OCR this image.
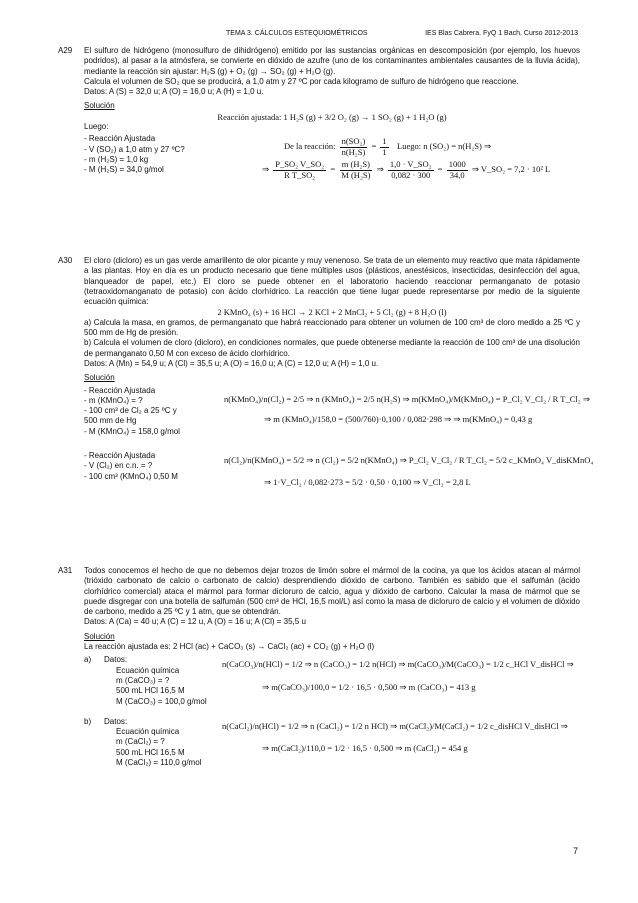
TEMA 3. CÁLCULOS ESTEQUIOMÉTRICOS	IES Blas Cabrera. FyQ 1 Bach. Curso 2012-2013
A29 El sulfuro de hidrógeno (monosulfuro de dihidrógeno) emitido por las sustancias orgánicas en descomposición (por ejemplo, los huevos podridos), al pasar a la atmósfera, se convierte en dióxido de azufre (uno de los contaminantes ambientales causantes de la lluvia ácida), mediante la reacción sin ajustar: H₂S (g) + O₂ (g) → SO₂ (g) + H₂O (g).

Calcula el volumen de SO₂ que se producirá, a 1,0 atm y 27 ºC por cada kilogramo de sulfuro de hidrógeno que reaccione.

Datos: A (S) = 32,0 u; A (O) = 16,0 u; A (H) = 1,0 u.

Solución
Reacción ajustada: 1 H₂S (g) + 3/2 O₂ (g) → 1 SO₂ (g) + 1 H₂O (g)
Luego:
- Reacción Ajustada
- V (SO₂) a 1,0 atm y 27 ºC?
- m (H₂S) = 1,0 kg
- M (H₂S) = 34,0 g/mol
De la reacción: $\frac{\text{n(SO₂)}}{\text{n(H₂S)}} = \frac{1}{1}$ Luego: n (SO₂) = n(H₂S) ⇒
⇒ $\frac{\text{P\_SO₂ V\_SO₂}}{\text{R T\_SO₂}} = \frac{\text{m (H₂S)}}{\text{M (H₂S)}}$ ⇒ $\frac{\text{1,0 · V\_SO₂}}{0,082 \cdot 300} = \frac{1000}{34,0}$ ⇒ V_SO₂ = 7,2 · 10² L
A30 El cloro (dicloro) es un gas verde amarillento de olor picante y muy venenoso. Se trata de un elemento muy reactivo que mata rápidamente a las plantas. Hoy en día es un producto necesario que tiene múltiples usos (plásticos, anestésicos, insecticidas, desinfección del agua, blanqueador de papel, etc.) El cloro se puede obtener en el laboratorio haciendo reaccionar permanganato de potasio (tetraoxidomanganato de potasio) con ácido clorhídrico. La reacción que tiene lugar puede representarse por medio de la siguiente ecuación química:

2 KMnO₄ (s) + 16 HCl → 2 KCl + 2 MnCl₂ + 5 Cl₂ (g) + 8 H₂O (l)

a) Calcula la masa, en gramos, de permanganato que habrá reaccionado para obtener un volumen de 100 cm³ de cloro medido a 25 ºC y 500 mm de Hg de presión.

b) Calcula el volumen de cloro (dicloro), en condiciones normales, que puede obtenerse mediante la reacción de 100 cm³ de una disolución de permanganato 0,50 M con exceso de ácido clorhídrico.

Datos: A (Mn) = 54,9 u; A (Cl) = 35,5 u; A (O) = 16,0 u; A (C) = 12,0 u; A (H) = 1,0 u.

Solución
- Reacción Ajustada
- m (KMnO₄) = ?
- 100 cm³ de Cl₂ a 25 ºC y
500 mm de Hg
- M (KMnO₄) = 158,0 g/mol
n(KMnO₄)/n(Cl₂) = 2/5 ⇒ n (KMnO₄) = 2/5 n(H₂S) ⇒ m(KMnO₄)/M(KMnO₄) = P_Cl₂ V_Cl₂ / R T_Cl₂ ⇒
⇒ m (KMnO₄)/158,0 = (500/760)·0,100 / 0,082·298 ⇒ ⇒ m(KMnO₄) = 0,43 g
- Reacción Ajustada
- V (Cl₂) en c.n. = ?
- 100 cm³ (KMnO₄) 0,50 M
n(Cl₂)/n(KMnO₄) = 5/2 ⇒ n (Cl₂) = 5/2 n(KMnO₄) ⇒ P_Cl₂ V_Cl₂ / R T_Cl₂ = 5/2 c_KMnO₄ V_disKMnO₄
⇒ 1·V_Cl₂ / 0,082·273 = 5/2 · 0,50 · 0,100 ⇒ V_Cl₂ = 2,8 L
A31 Todos conocemos el hecho de que no debemos dejar trozos de limón sobre el mármol de la cocina, ya que los ácidos atacan al mármol (trióxido carbonato de calcio o carbonato de calcio) desprendiendo dióxido de carbono. También es sabido que el salfumán (ácido clorhídrico comercial) ataca el mármol para formar dicloruro de calcio, agua y dióxido de carbono. Calcular la masa de mármol que se puede disgregar con una botella de salfumán (500 cm³ de HCl, 16,5 mol/L) así como la masa de dicloruro de calcio y el volumen de dióxido de carbono, medido a 25 ºC y 1 atm, que se obtendrán.

Datos: A (Ca) = 40 u; A (C) = 12 u, A (O) = 16 u; A (Cl) = 35,5 u

Solución
La reacción ajustada es: 2 HCl (ac) + CaCO₃ (s) → CaCl₂ (ac) + CO₂ (g) + H₂O (l)
a)	Datos:
Ecuación química
m (CaCO₃) = ?
500 mL HCl 16,5 M
M (CaCO₃) = 100,0 g/mol
n(CaCO₃)/n(HCl) = 1/2 ⇒ n (CaCO₃) = 1/2 n(HCl) ⇒ m(CaCO₃)/M(CaCO₃) = 1/2 c_HCl V_disHCl ⇒
⇒ m(CaCO₃)/100,0 = 1/2 · 16,5 · 0,500 ⇒ m (CaCO₃) = 413 g
b)	Datos:
Ecuación química
m (CaCl₂) = ?
500 mL HCl 16,5 M
M (CaCl₂) = 110,0 g/mol
n(CaCl₂)/n(HCl) = 1/2 ⇒ n (CaCl₂) = 1/2 n HCl) ⇒ m(CaCl₂)/M(CaCl₂) = 1/2 c_disHCl V_disHCl ⇒
⇒ m(CaCl₂)/110,0 = 1/2 · 16,5 · 0,500 ⇒ m (CaCl₂) = 454 g
7
